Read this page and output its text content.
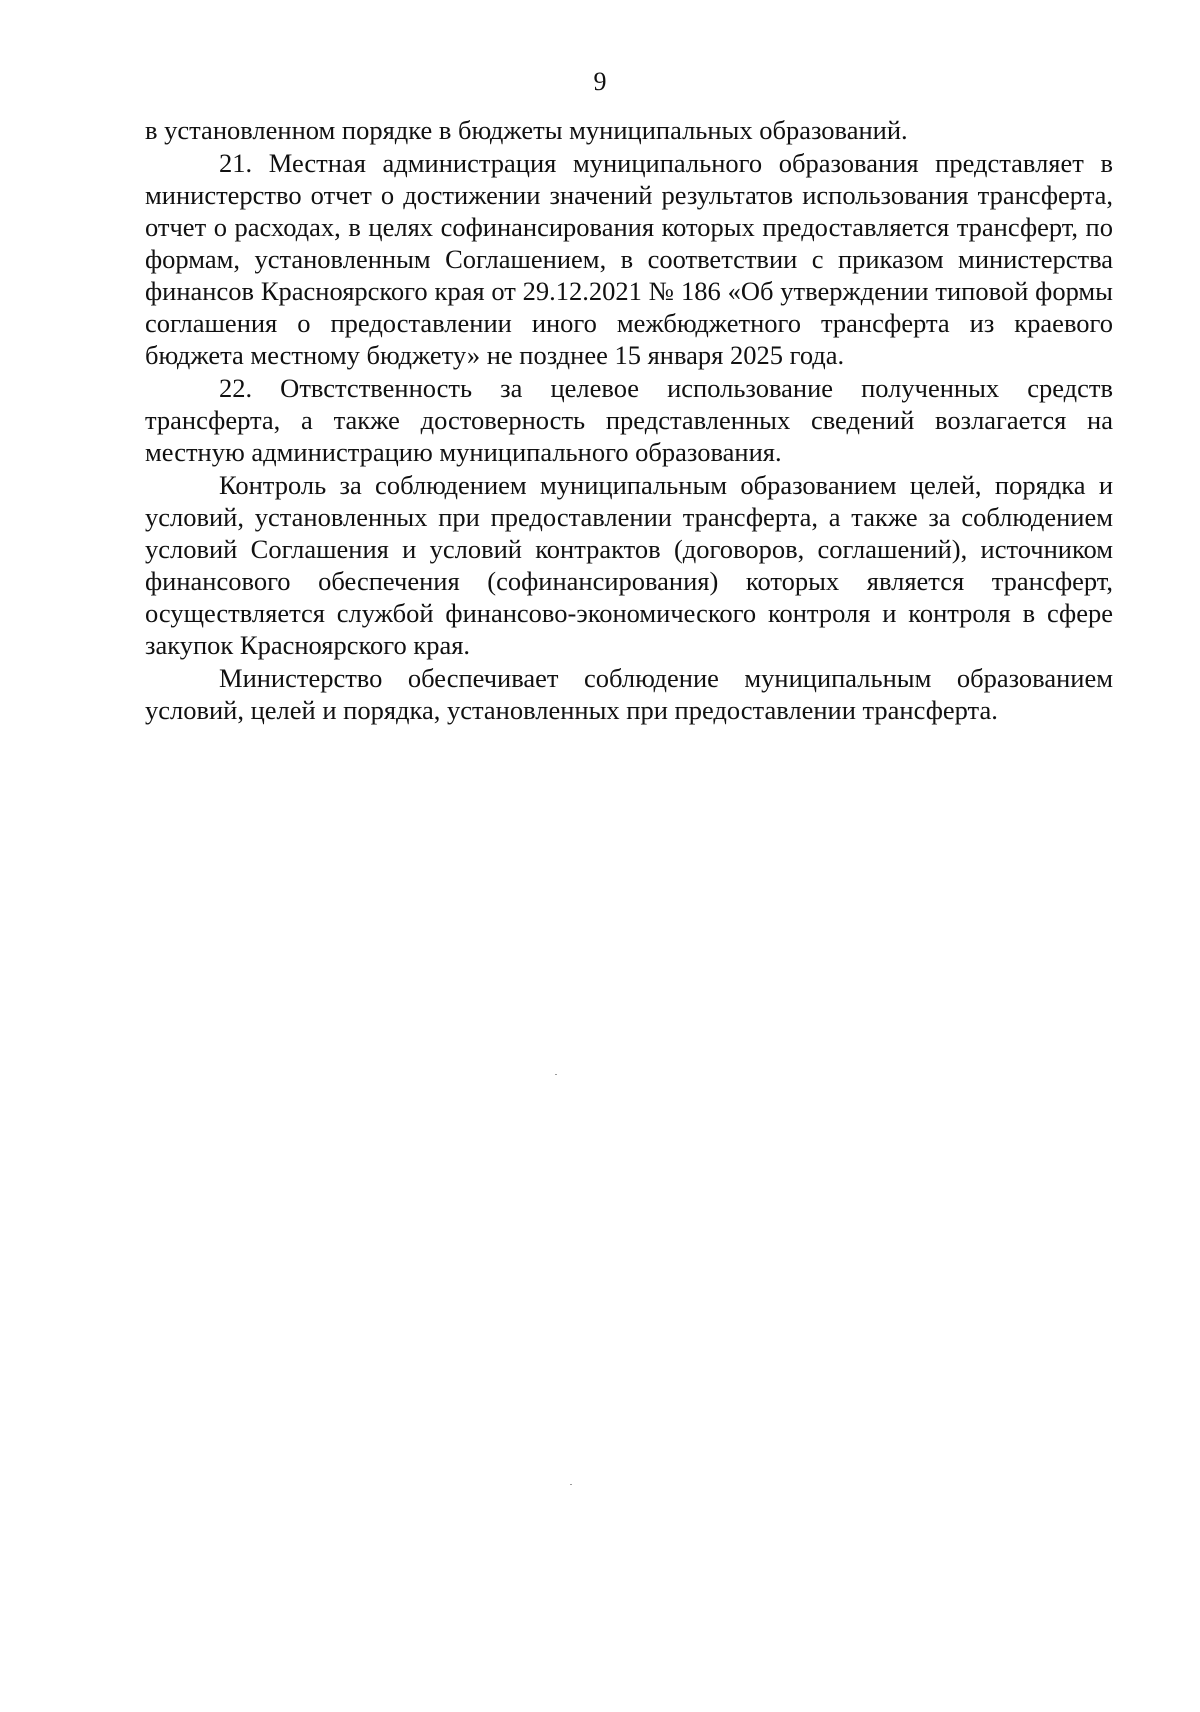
9

в установленном порядке в бюджеты муниципальных образований.

21. Местная администрация муниципального образования представляет в министерство отчет о достижении значений результатов использования трансферта, отчет о расходах, в целях софинансирования которых предоставляется трансферт, по формам, установленным Соглашением, в соответствии с приказом министерства финансов Красноярского края от 29.12.2021 № 186 «Об утверждении типовой формы соглашения о предоставлении иного межбюджетного трансферта из краевого бюджета местному бюджету» не позднее 15 января 2025 года.

22. Отвстственность за целевое использование полученных средств трансферта, а также достоверность представленных сведений возлагается на местную администрацию муниципального образования.

Контроль за соблюдением муниципальным образованием целей, порядка и условий, установленных при предоставлении трансферта, а также за соблюдением условий Соглашения и условий контрактов (договоров, соглашений), источником финансового обеспечения (софинансирования) которых является трансферт, осуществляется службой финансово-экономического контроля и контроля в сфере закупок Красноярского края.

Министерство обеспечивает соблюдение муниципальным образованием условий, целей и порядка, установленных при предоставлении трансферта.
